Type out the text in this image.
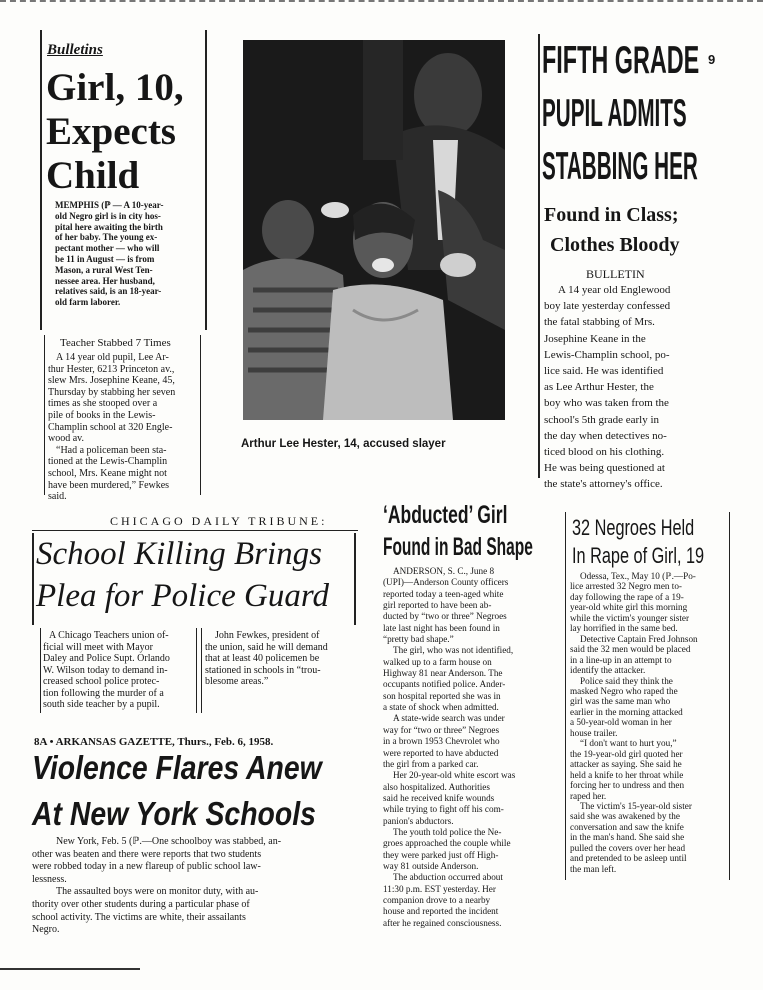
9
Bulletins
Girl, 10,
Expects
Child
MEMPHIS (ℙ — A 10-year-
old Negro girl is in city hos-
pital here awaiting the birth
of her baby. The young ex-
pectant mother — who will
be 11 in August — is from
Mason, a rural West Ten-
nessee area. Her husband,
relatives said, is an 18-year-
old farm laborer.
Teacher Stabbed 7 Times
A 14 year old pupil, Lee Ar-
thur Hester, 6213 Princeton av.,
slew Mrs. Josephine Keane, 45,
Thursday by stabbing her seven
times as she stooped over a
pile of books in the Lewis-
Champlin school at 320 Engle-
wood av.
“Had a policeman been sta-
tioned at the Lewis-Champlin
school, Mrs. Keane might not
have been murdered,” Fewkes
said.
Arthur Lee Hester, 14, accused slayer
FIFTH GRADE
PUPIL ADMITS
STABBING HER
Found in Class;
Clothes Bloody
BULLETIN
A 14 year old Englewood
boy late yesterday confessed
the fatal stabbing of Mrs.
Josephine Keane in the
Lewis-Champlin school, po-
lice said. He was identified
as Lee Arthur Hester, the
boy who was taken from the
school's 5th grade early in
the day when detectives no-
ticed blood on his clothing.
He was being questioned at
the state's attorney's office.
CHICAGO DAILY TRIBUNE:
School Killing Brings
Plea for Police Guard
A Chicago Teachers union of-
ficial will meet with Mayor
Daley and Police Supt. Orlando
W. Wilson today to demand in-
creased school police protec-
tion following the murder of a
south side teacher by a pupil.
John Fewkes, president of
the union, said he will demand
that at least 40 policemen be
stationed in schools in “trou-
blesome areas.”
8A • ARKANSAS GAZETTE, Thurs., Feb. 6, 1958.
Violence Flares Anew
At New York Schools
New York, Feb. 5 (ℙ.—One schoolboy was stabbed, an-
other was beaten and there were reports that two students
were robbed today in a new flareup of public school law-
lessness.
The assaulted boys were on monitor duty, with au-
thority over other students during a particular phase of
school activity. The victims are white, their assailants
Negro.
‘Abducted’ Girl
Found in Bad Shape
ANDERSON, S. C., June 8
(UPI)—Anderson County officers
reported today a teen-aged white
girl reported to have been ab-
ducted by “two or three” Negroes
late last night has been found in
“pretty bad shape.”
The girl, who was not identified,
walked up to a farm house on
Highway 81 near Anderson. The
occupants notified police. Ander-
son hospital reported she was in
a state of shock when admitted.
A state-wide search was under
way for “two or three” Negroes
in a brown 1953 Chevrolet who
were reported to have abducted
the girl from a parked car.
Her 20-year-old white escort was
also hospitalized. Authorities
said he received knife wounds
while trying to fight off his com-
panion's abductors.
The youth told police the Ne-
groes approached the couple while
they were parked just off High-
way 81 outside Anderson.
The abduction occurred about
11:30 p.m. EST yesterday. Her
companion drove to a nearby
house and reported the incident
after he regained consciousness.
32 Negroes Held
In Rape of Girl, 19
Odessa, Tex., May 10 (ℙ.—Po-
lice arrested 32 Negro men to-
day following the rape of a 19-
year-old white girl this morning
while the victim's younger sister
lay horrified in the same bed.
Detective Captain Fred Johnson
said the 32 men would be placed
in a line-up in an attempt to
identify the attacker.
Police said they think the
masked Negro who raped the
girl was the same man who
earlier in the morning attacked
a 50-year-old woman in her
house trailer.
“I don't want to hurt you,”
the 19-year-old girl quoted her
attacker as saying. She said he
held a knife to her throat while
forcing her to undress and then
raped her.
The victim's 15-year-old sister
said she was awakened by the
conversation and saw the knife
in the man's hand. She said she
pulled the covers over her head
and pretended to be asleep until
the man left.
